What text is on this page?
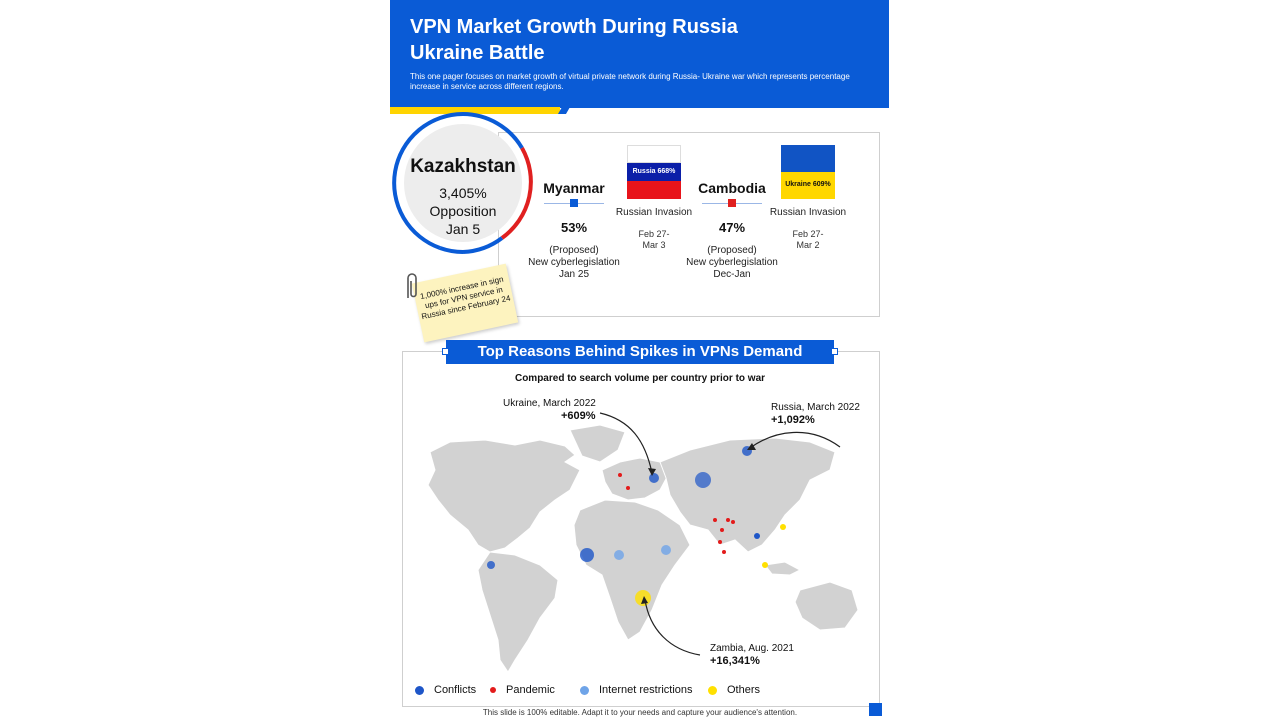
VPN Market Growth During Russia Ukraine Battle
This one pager focuses on market growth of virtual private network during Russia- Ukraine war which represents percentage increase in service across different regions.
Kazakhstan
3,405%
Opposition
Jan 5
Myanmar
53%
(Proposed)
New cyberlegislation
Jan 25
Russia 668%
Russian Invasion
Feb 27-
Mar 3
Cambodia
47%
(Proposed)
New cyberlegislation
Dec-Jan
Ukraine 609%
Russian Invasion
Feb 27-
Mar 2
1,000% increase in sign ups for VPN service in Russia since February 24
Top Reasons Behind Spikes in VPNs Demand
Compared to search volume per country prior to war
Ukraine, March 2022
+609%
Russia, March 2022
+1,092%
Zambia, Aug. 2021
+16,341%
Conflicts	Pandemic	Internet restrictions	Others
This slide is 100% editable. Adapt it to your needs and capture your audience's attention.
